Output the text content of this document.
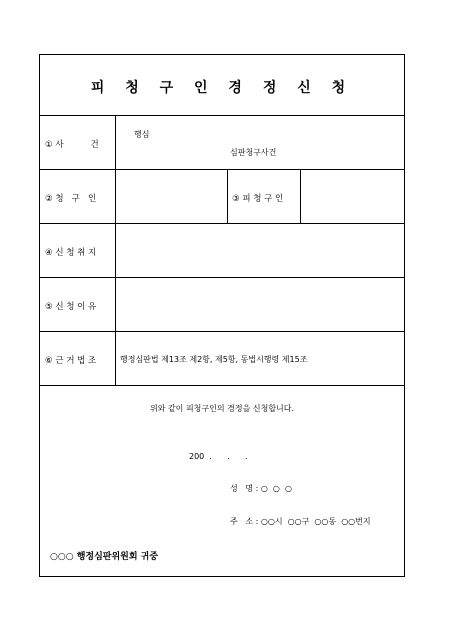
피 청 구 인 경 정 신 청
① 사          건
행심
심판청구사건
② 청   구   인	③ 피 청 구 인
④ 신 청 취 지
⑤ 신 청 이 유
⑥ 근 거 법 조	행정심판법 제13조 제2항, 제5항, 동법시행령 제15조
위와 같이 피청구인의 경정을 신청합니다.
200  .      .      .
성   명 : ○  ○  ○
주   소 : ○○시  ○○구  ○○동  ○○번지
○○○ 행정심판위원회 귀중
